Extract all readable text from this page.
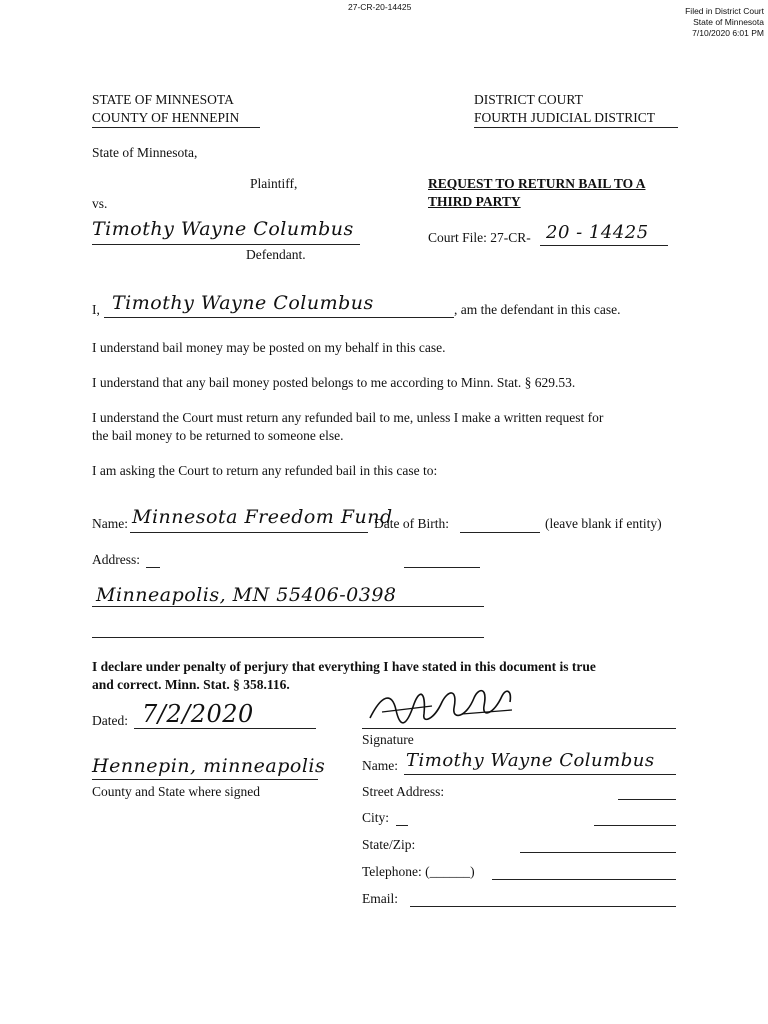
27-CR-20-14425	Filed in District Court
State of Minnesota
7/10/2020 6:01 PM
STATE OF MINNESOTA
COUNTY OF HENNEPIN
DISTRICT COURT
FOURTH JUDICIAL DISTRICT
State of Minnesota,
Plaintiff,
vs.
Timothy Wayne Columbus
Defendant.
REQUEST TO RETURN BAIL TO A
THIRD PARTY
Court File: 27-CR- 20 - 14425
I, Timothy Wayne Columbus	, am the defendant in this case.

I understand bail money may be posted on my behalf in this case.

I understand that any bail money posted belongs to me according to Minn. Stat. § 629.53.

I understand the Court must return any refunded bail to me, unless I make a written request for

the bail money to be returned to someone else.

I am asking the Court to return any refunded bail in this case to:

Name: Minnesota Freedom Fund
Date of Birth:	(leave blank if entity)
Address:
Minneapolis, MN 55406-0398
I declare under penalty of perjury that everything I have stated in this document is true
and correct. Minn. Stat. § 358.116.
Dated: 7/2/2020
Hennepin, minneapolis
County and State where signed
Signature
Name: Timothy Wayne Columbus
Street Address:
City:
State/Zip:
Telephone: (______)
Email:
